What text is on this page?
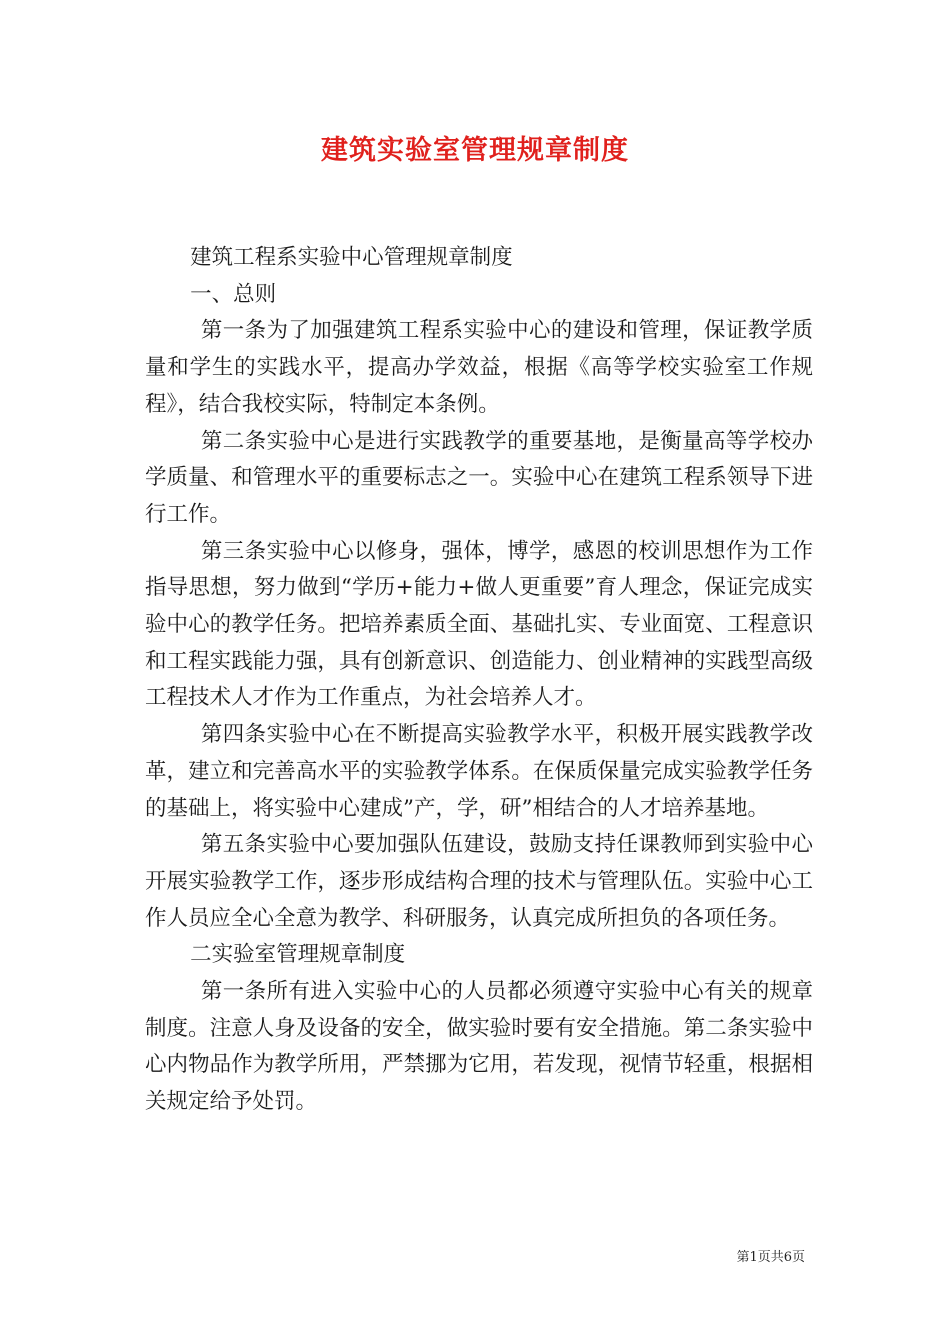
建筑实验室管理规章制度

建筑工程系实验中心管理规章制度

一、总则

第一条为了加强建筑工程系实验中心的建设和管理，保证教学质量和学生的实践水平，提高办学效益，根据《高等学校实验室工作规程》，结合我校实际，特制定本条例。

第二条实验中心是进行实践教学的重要基地，是衡量高等学校办学质量、和管理水平的重要标志之一。实验中心在建筑工程系领导下进行工作。

第三条实验中心以修身，强体，博学，感恩的校训思想作为工作指导思想，努力做到“学历+能力+做人更重要”育人理念，保证完成实验中心的教学任务。把培养素质全面、基础扎实、专业面宽、工程意识和工程实践能力强，具有创新意识、创造能力、创业精神的实践型高级工程技术人才作为工作重点，为社会培养人才。

第四条实验中心在不断提高实验教学水平，积极开展实践教学改革，建立和完善高水平的实验教学体系。在保质保量完成实验教学任务的基础上，将实验中心建成”产，学，研”相结合的人才培养基地。

第五条实验中心要加强队伍建设，鼓励支持任课教师到实验中心开展实验教学工作，逐步形成结构合理的技术与管理队伍。实验中心工作人员应全心全意为教学、科研服务，认真完成所担负的各项任务。

二实验室管理规章制度

第一条所有进入实验中心的人员都必须遵守实验中心有关的规章制度。注意人身及设备的安全，做实验时要有安全措施。第二条实验中心内物品作为教学所用，严禁挪为它用，若发现，视情节轻重，根据相关规定给予处罚。

第1页共6页
